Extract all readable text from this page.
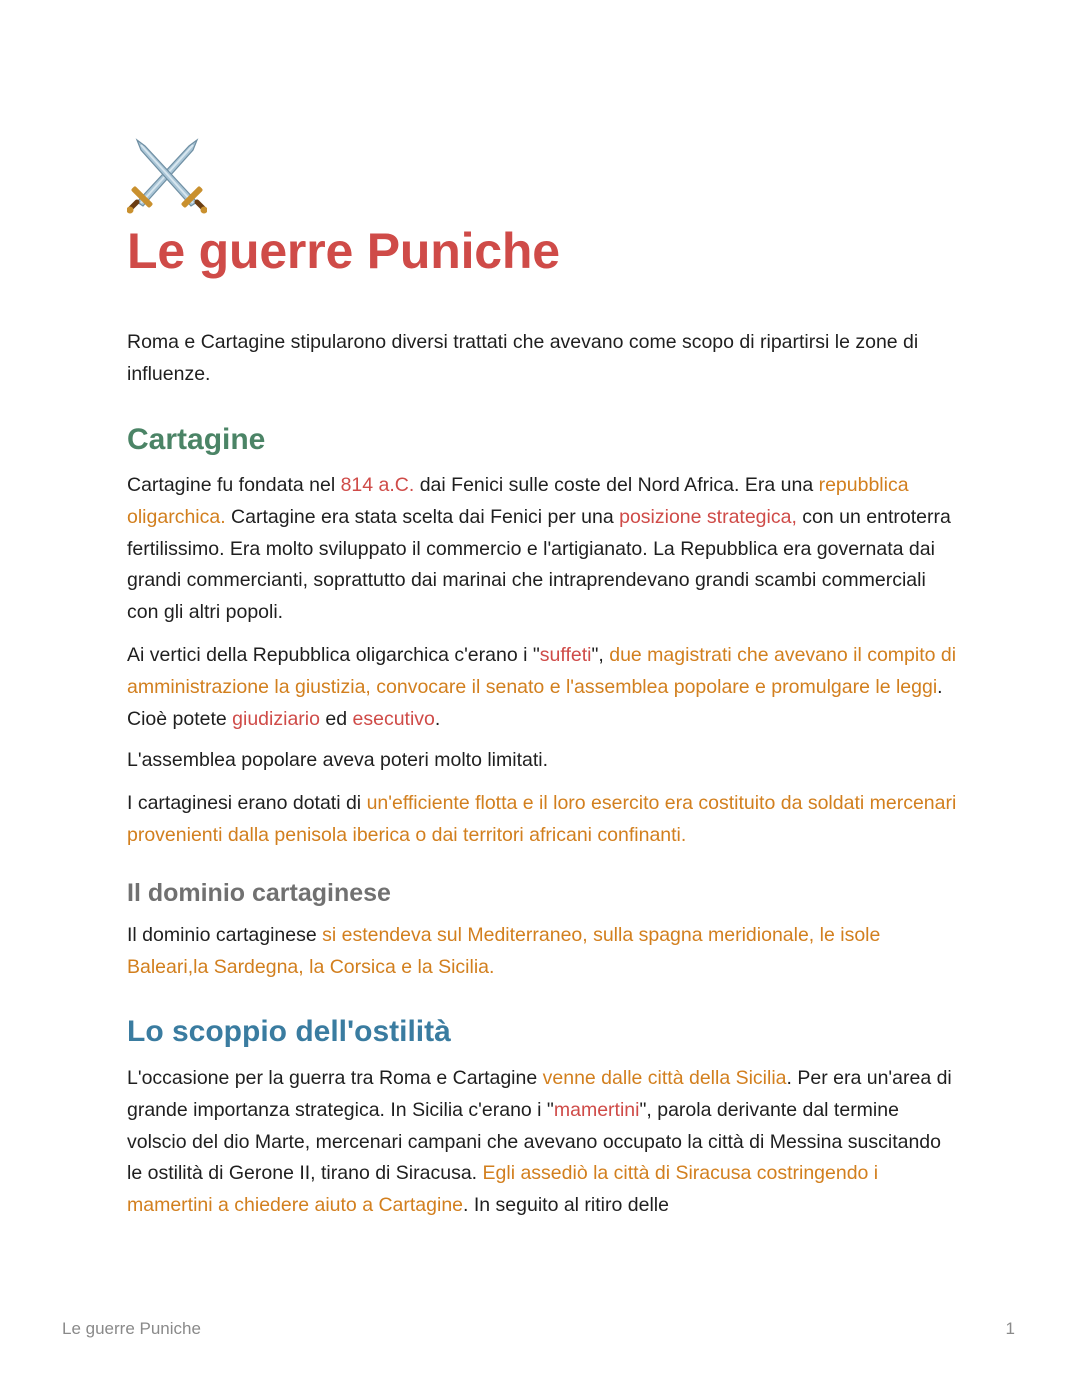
Le guerre Puniche

Roma e Cartagine stipularono diversi trattati che avevano come scopo di ripartirsi le zone di influenze.

Cartagine

Cartagine fu fondata nel 814 a.C. dai Fenici sulle coste del Nord Africa. Era una repubblica oligarchica. Cartagine era stata scelta dai Fenici per una posizione strategica, con un entroterra fertilissimo. Era molto sviluppato il commercio e l'artigianato. La Repubblica era governata dai grandi commercianti, soprattutto dai marinai che intraprendevano grandi scambi commerciali con gli altri popoli.

Ai vertici della Repubblica oligarchica c'erano i "suffeti", due magistrati che avevano il compito di amministrazione la giustizia, convocare il senato e l'assemblea popolare e promulgare le leggi. Cioè potete giudiziario ed esecutivo.

L'assemblea popolare aveva poteri molto limitati.

I cartaginesi erano dotati di un'efficiente flotta e il loro esercito era costituito da soldati mercenari provenienti dalla penisola iberica o dai territori africani confinanti.

Il dominio cartaginese

Il dominio cartaginese si estendeva sul Mediterraneo, sulla spagna meridionale, le isole Baleari,la Sardegna, la Corsica e la Sicilia.

Lo scoppio dell'ostilità

L'occasione per la guerra tra Roma e Cartagine venne dalle città della Sicilia. Per era un'area di grande importanza strategica. In Sicilia c'erano i "mamertini", parola derivante dal termine volscio del dio Marte, mercenari campani che avevano occupato la città di Messina suscitando le ostilità di Gerone II, tirano di Siracusa. Egli assediò la città di Siracusa costringendo i mamertini a chiedere aiuto a Cartagine. In seguito al ritiro delle

Le guerre Puniche	1
